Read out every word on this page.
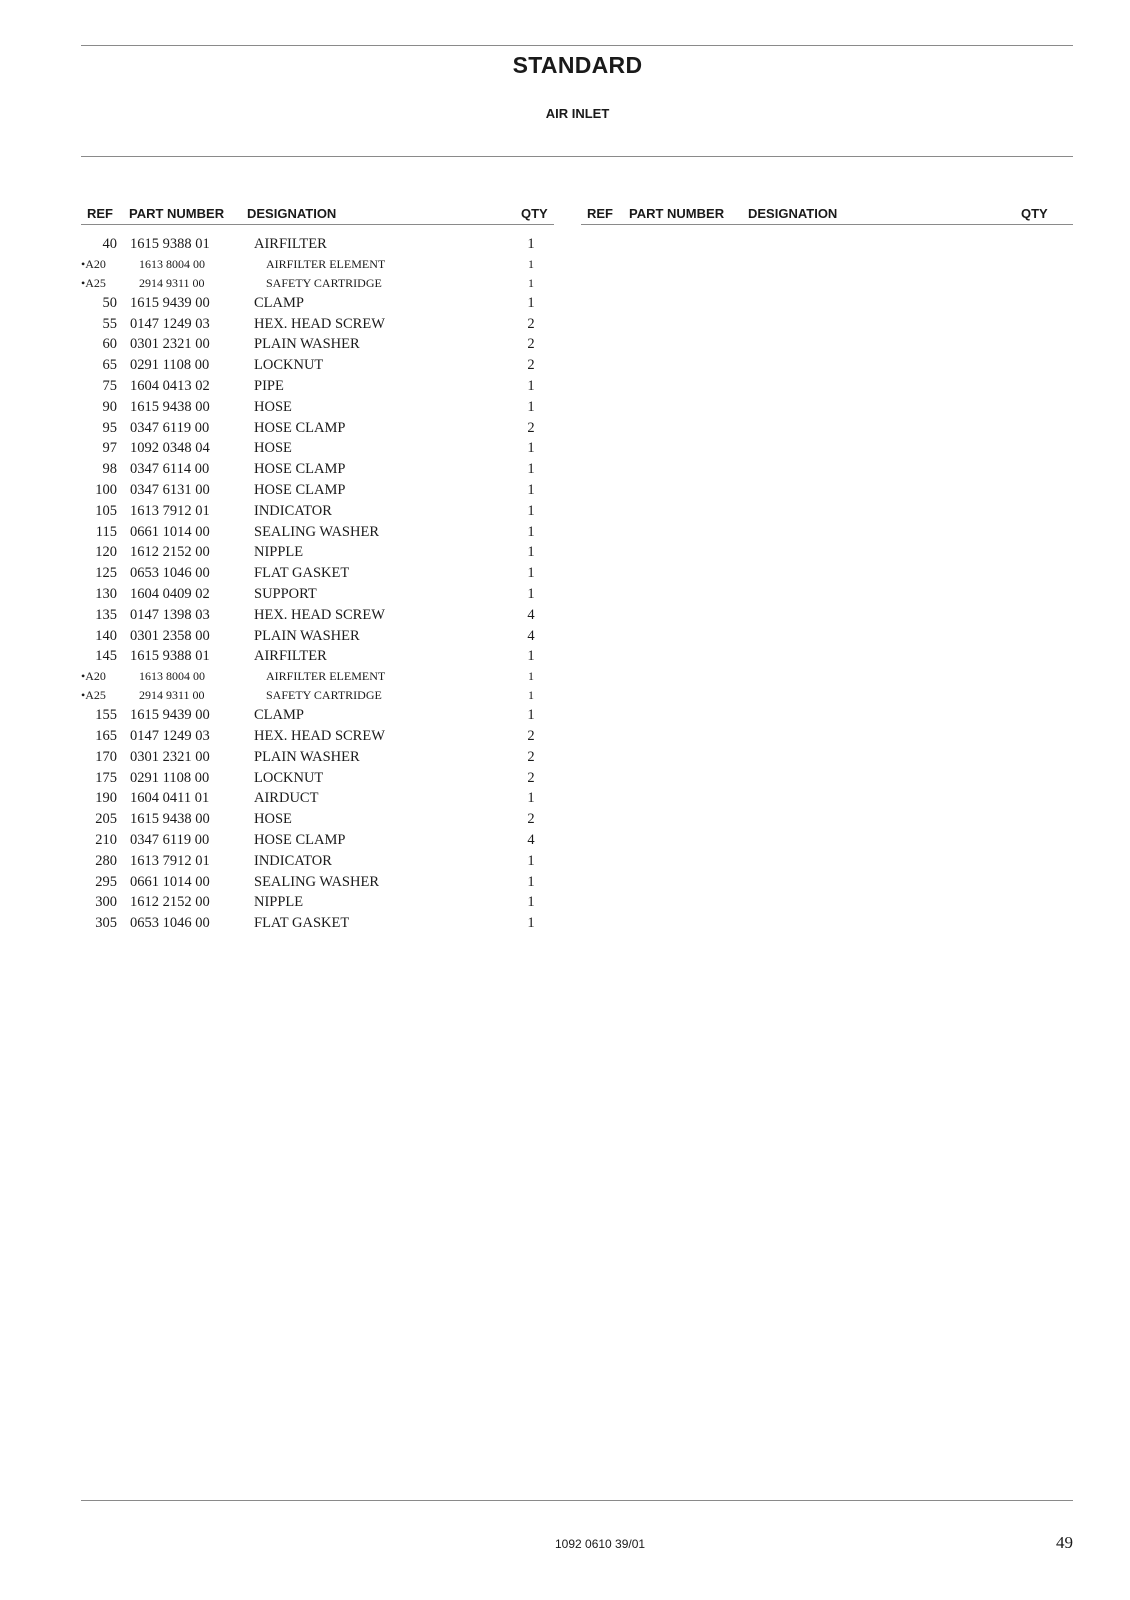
STANDARD
AIR INLET
REF PART NUMBER DESIGNATION	QTY	REF PART NUMBER DESIGNATION	QTY
40 1615 9388 01	AIRFILTER	1
•A20	1613 8004 00	AIRFILTER ELEMENT	1
•A25	2914 9311 00	SAFETY CARTRIDGE	1
50 1615 9439 00	CLAMP	1
55 0147 1249 03	HEX. HEAD SCREW	2
60 0301 2321 00	PLAIN WASHER	2
65 0291 1108 00	LOCKNUT	2
75 1604 0413 02	PIPE	1
90 1615 9438 00	HOSE	1
95 0347 6119 00	HOSE CLAMP	2
97 1092 0348 04	HOSE	1
98 0347 6114 00	HOSE CLAMP	1
100 0347 6131 00	HOSE CLAMP	1
105 1613 7912 01	INDICATOR	1
115 0661 1014 00	SEALING WASHER	1
120 1612 2152 00	NIPPLE	1
125 0653 1046 00	FLAT GASKET	1
130 1604 0409 02	SUPPORT	1
135 0147 1398 03	HEX. HEAD SCREW	4
140 0301 2358 00	PLAIN WASHER	4
145 1615 9388 01	AIRFILTER	1
•A20	1613 8004 00	AIRFILTER ELEMENT	1
•A25	2914 9311 00	SAFETY CARTRIDGE	1
155 1615 9439 00	CLAMP	1
165 0147 1249 03	HEX. HEAD SCREW	2
170 0301 2321 00	PLAIN WASHER	2
175 0291 1108 00	LOCKNUT	2
190 1604 0411 01	AIRDUCT	1
205 1615 9438 00	HOSE	2
210 0347 6119 00	HOSE CLAMP	4
280 1613 7912 01	INDICATOR	1
295 0661 1014 00	SEALING WASHER	1
300 1612 2152 00	NIPPLE	1
305 0653 1046 00	FLAT GASKET	1
1092 0610 39/01	49
